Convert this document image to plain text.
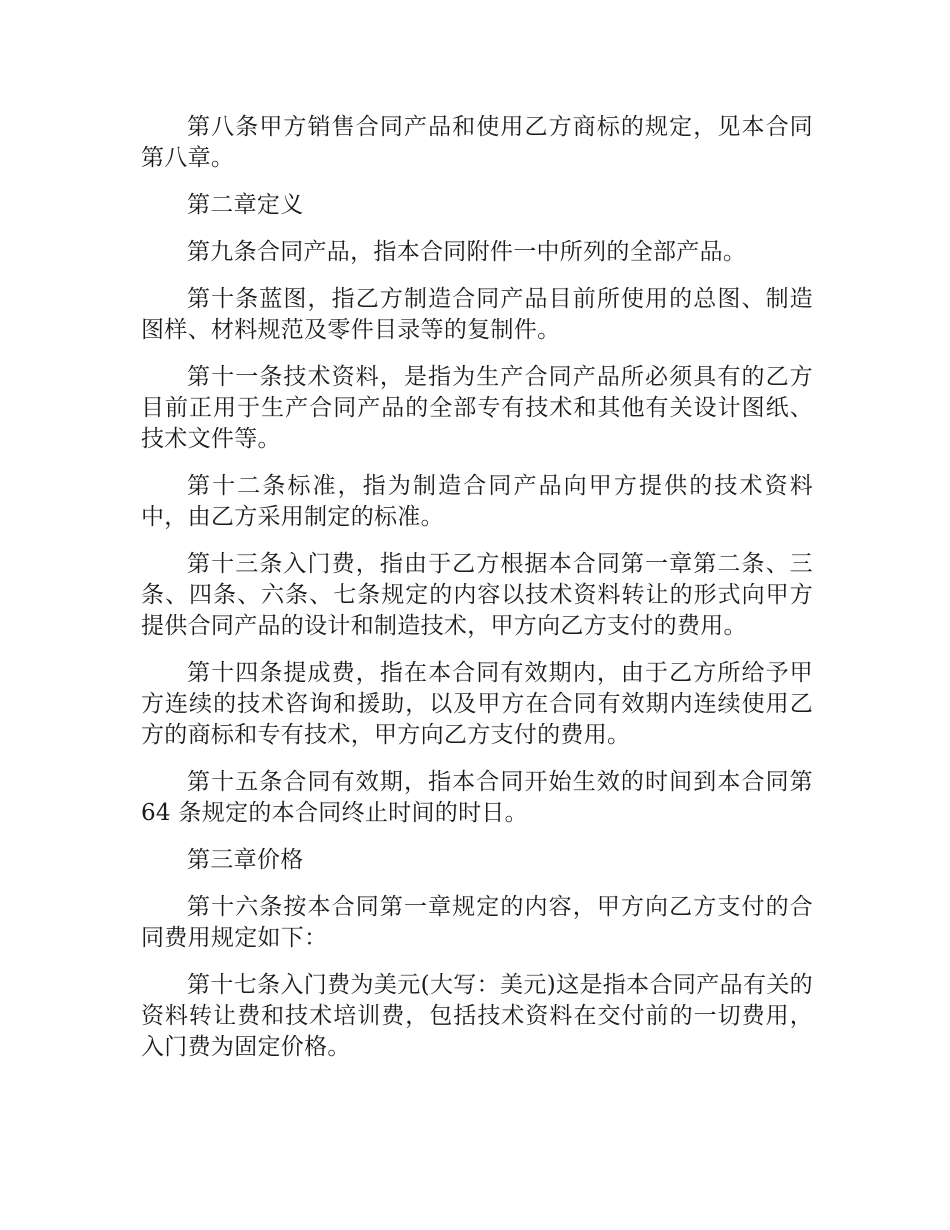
第八条甲方销售合同产品和使用乙方商标的规定，见本合同第八章。

第二章定义

第九条合同产品，指本合同附件一中所列的全部产品。

第十条蓝图，指乙方制造合同产品目前所使用的总图、制造图样、材料规范及零件目录等的复制件。

第十一条技术资料，是指为生产合同产品所必须具有的乙方目前正用于生产合同产品的全部专有技术和其他有关设计图纸、技术文件等。

第十二条标准，指为制造合同产品向甲方提供的技术资料中，由乙方采用制定的标准。

第十三条入门费，指由于乙方根据本合同第一章第二条、三条、四条、六条、七条规定的内容以技术资料转让的形式向甲方提供合同产品的设计和制造技术，甲方向乙方支付的费用。

第十四条提成费，指在本合同有效期内，由于乙方所给予甲方连续的技术咨询和援助，以及甲方在合同有效期内连续使用乙方的商标和专有技术，甲方向乙方支付的费用。

第十五条合同有效期，指本合同开始生效的时间到本合同第 64 条规定的本合同终止时间的时日。

第三章价格

第十六条按本合同第一章规定的内容，甲方向乙方支付的合同费用规定如下：

第十七条入门费为美元(大写：美元)这是指本合同产品有关的资料转让费和技术培训费，包括技术资料在交付前的一切费用，入门费为固定价格。
